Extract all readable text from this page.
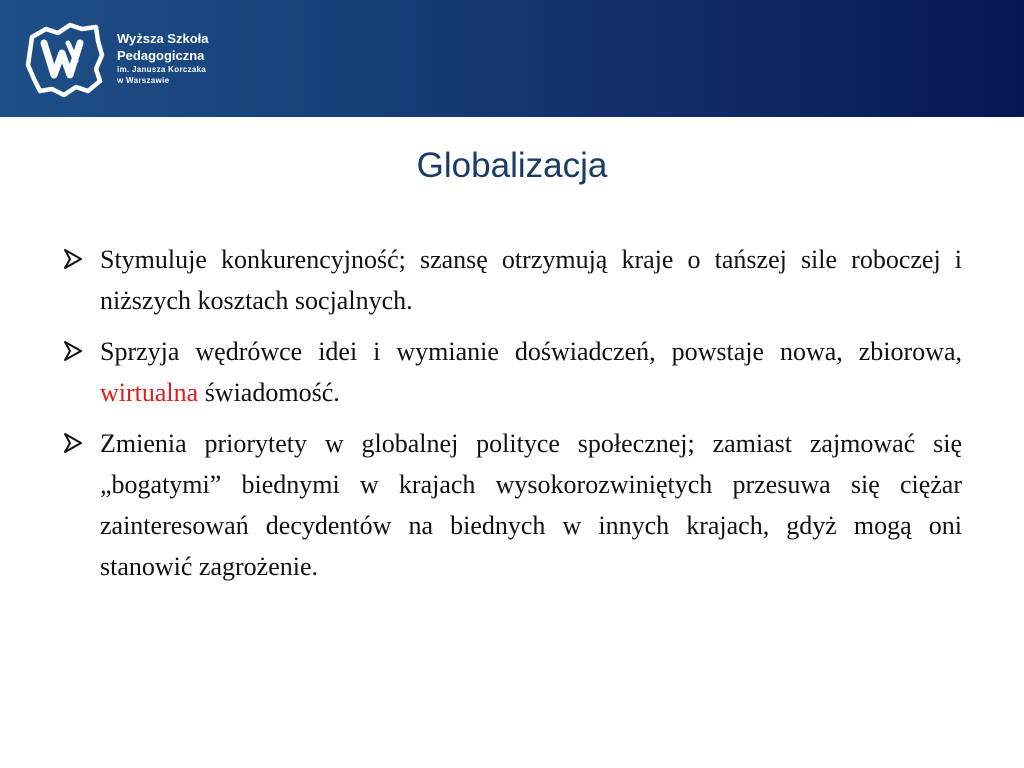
Wyższa Szkoła
Pedagogiczna
im. Janusza Korczaka
w Warszawie
Globalizacja
Stymuluje konkurencyjność; szansę otrzymują kraje o tańszej sile roboczej i niższych kosztach socjalnych.
Sprzyja wędrówce idei i wymianie doświadczeń, powstaje nowa, zbiorowa, wirtualna świadomość.
Zmienia priorytety w globalnej polityce społecznej; zamiast zajmować się „bogatymi” biednymi w krajach wysokorozwiniętych przesuwa się ciężar zainteresowań decydentów na biednych w innych krajach, gdyż mogą oni stanowić zagrożenie.
